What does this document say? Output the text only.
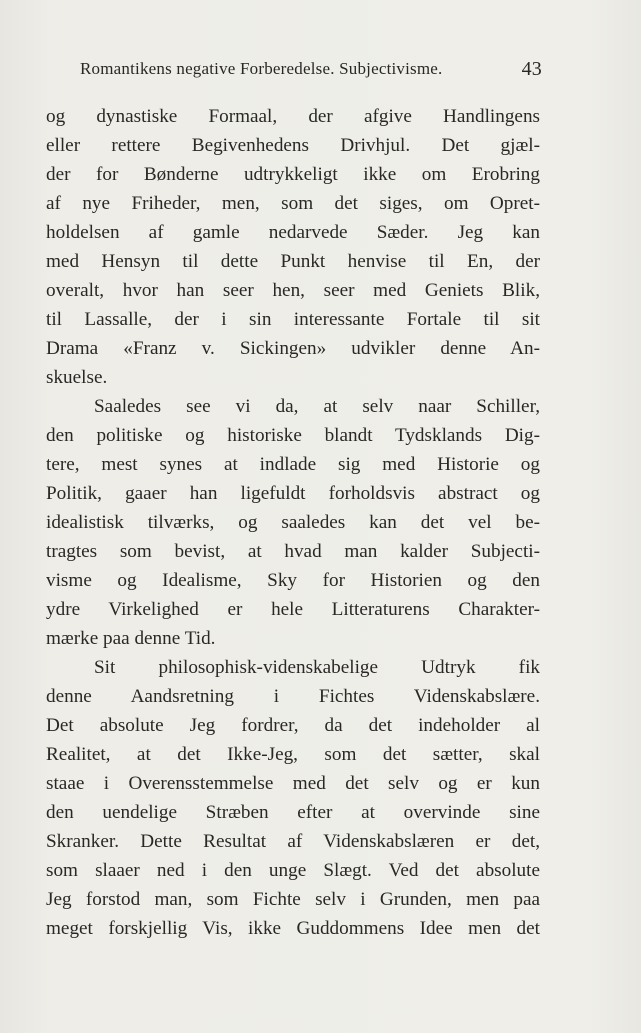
Romantikens negative Forberedelse. Subjectivisme.	43
og dynastiske Formaal, der afgive Handlingens
eller rettere Begivenhedens Drivhjul. Det gjæl-
der for Bønderne udtrykkeligt ikke om Erobring
af nye Friheder, men, som det siges, om Opret-
holdelsen af gamle nedarvede Sæder. Jeg kan
med Hensyn til dette Punkt henvise til En, der
overalt, hvor han seer hen, seer med Geniets Blik,
til Lassalle, der i sin interessante Fortale til sit
Drama «Franz v. Sickingen» udvikler denne An-
skuelse.
Saaledes see vi da, at selv naar Schiller,
den politiske og historiske blandt Tydsklands Dig-
tere, mest synes at indlade sig med Historie og
Politik, gaaer han ligefuldt forholdsvis abstract og
idealistisk tilværks, og saaledes kan det vel be-
tragtes som bevist, at hvad man kalder Subjecti-
visme og Idealisme, Sky for Historien og den
ydre Virkelighed er hele Litteraturens Charakter-
mærke paa denne Tid.
Sit philosophisk-videnskabelige Udtryk fik
denne Aandsretning i Fichtes Videnskabslære.
Det absolute Jeg fordrer, da det indeholder al
Realitet, at det Ikke-Jeg, som det sætter, skal
staae i Overensstemmelse med det selv og er kun
den uendelige Stræben efter at overvinde sine
Skranker. Dette Resultat af Videnskabslæren er det,
som slaaer ned i den unge Slægt. Ved det absolute
Jeg forstod man, som Fichte selv i Grunden, men paa
meget forskjellig Vis, ikke Guddommens Idee men det
